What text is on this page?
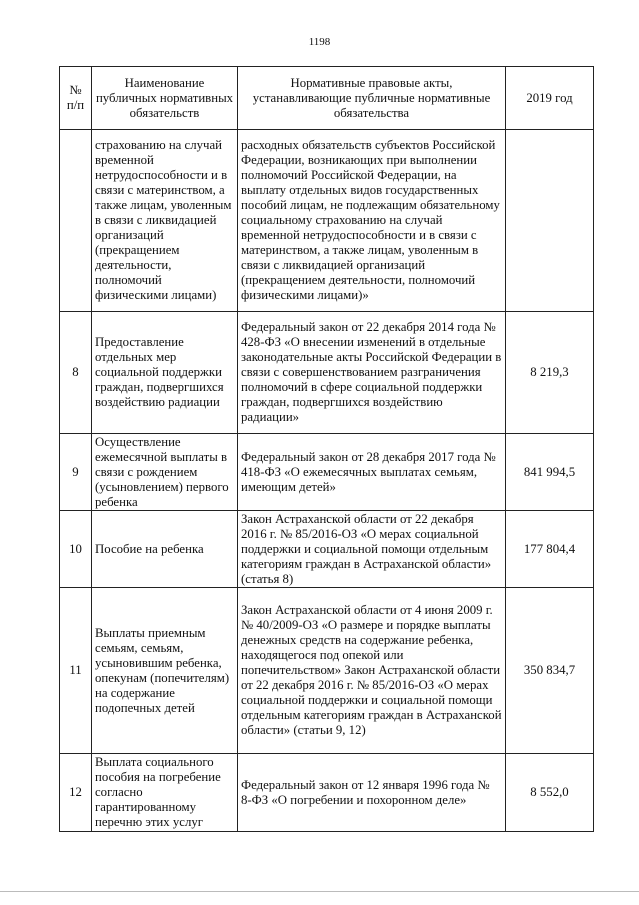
1198
№ п/п	Наименование публичных нормативных обязательств	Нормативные правовые акты, устанавливающие публичные нормативные обязательства	2019 год
	страхованию на случай временной нетрудоспособности и в связи с материнством, а также лицам, уволенным в связи с ликвидацией организаций (прекращением деятельности, полномочий физическими лицами)	расходных обязательств субъектов Российской Федерации, возникающих при выполнении полномочий Российской Федерации, на выплату отдельных видов государственных пособий лицам, не подлежащим обязательному социальному страхованию на случай временной нетрудоспособности и в связи с материнством, а также лицам, уволенным в связи с ликвидацией организаций (прекращением деятельности, полномочий физическими лицами)»	
8	Предоставление отдельных мер социальной поддержки граждан, подвергшихся воздействию радиации	Федеральный закон от 22 декабря 2014 года № 428-ФЗ «О внесении изменений в отдельные законодательные акты Российской Федерации в связи с совершенствованием разграничения полномочий в сфере социальной поддержки граждан, подвергшихся воздействию радиации»	8 219,3
9	Осуществление ежемесячной выплаты в связи с рождением (усыновлением) первого ребенка	Федеральный закон от 28 декабря 2017 года № 418-ФЗ «О ежемесячных выплатах семьям, имеющим детей»	841 994,5
10	Пособие на ребенка	Закон Астраханской области от 22 декабря 2016 г. № 85/2016-ОЗ «О мерах социальной поддержки и социальной помощи отдельным категориям граждан в Астраханской области» (статья 8)	177 804,4
11	Выплаты приемным семьям, семьям, усыновившим ребенка, опекунам (попечителям) на содержание подопечных детей	Закон Астраханской области от 4 июня 2009 г. № 40/2009-ОЗ «О размере и порядке выплаты денежных средств на содержание ребенка, находящегося под опекой или попечительством» Закон Астраханской области от 22 декабря 2016 г. № 85/2016-ОЗ «О мерах социальной поддержки и социальной помощи отдельным категориям граждан в Астраханской области» (статьи 9, 12)	350 834,7
12	Выплата социального пособия на погребение согласно гарантированному перечню этих услуг	Федеральный закон от 12 января 1996 года № 8-ФЗ «О погребении и похоронном деле»	8 552,0
